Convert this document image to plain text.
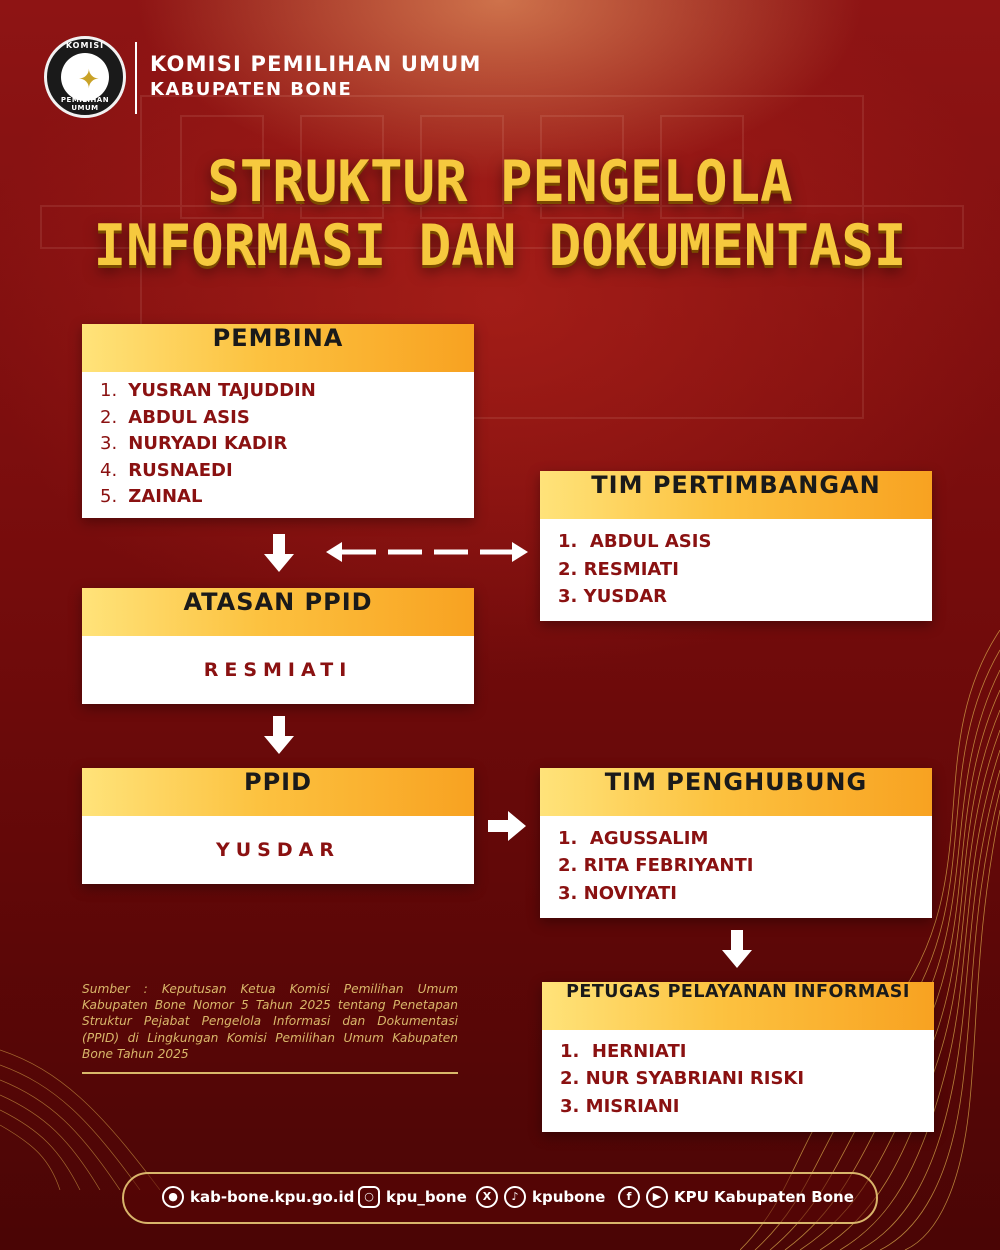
KOMISI
✦
PEMILIHAN UMUM
KOMISI PEMILIHAN UMUM
KABUPATEN BONE
STRUKTUR PENGELOLA
INFORMASI DAN DOKUMENTASI
PEMBINA
1. YUSRAN TAJUDDIN
2. ABDUL ASIS
3. NURYADI KADIR
4. RUSNAEDI
5. ZAINAL	TIM PERTIMBANGAN
1. ABDUL ASIS
2. RESMIATI
3. YUSDAR
ATASAN PPID
RESMIATI
PPID
YUSDAR
TIM PENGHUBUNG
1. AGUSSALIM
2. RITA FEBRIYANTI
3. NOVIYATI
PETUGAS PELAYANAN INFORMASI
1. HERNIATI
2. NUR SYABRIANI RISKI
3. MISRIANI
Sumber : Keputusan Ketua Komisi Pemilihan Umum Kabupaten Bone Nomor 5 Tahun 2025 tentang Penetapan Struktur Pejabat Pengelola Informasi dan Dokumentasi (PPID) di Lingkungan Komisi Pemilihan Umum Kabupaten Bone Tahun 2025
● kab-bone.kpu.go.id ○ kpu_bone	X	♪ kpubone	f	▶ KPU Kabupaten Bone
